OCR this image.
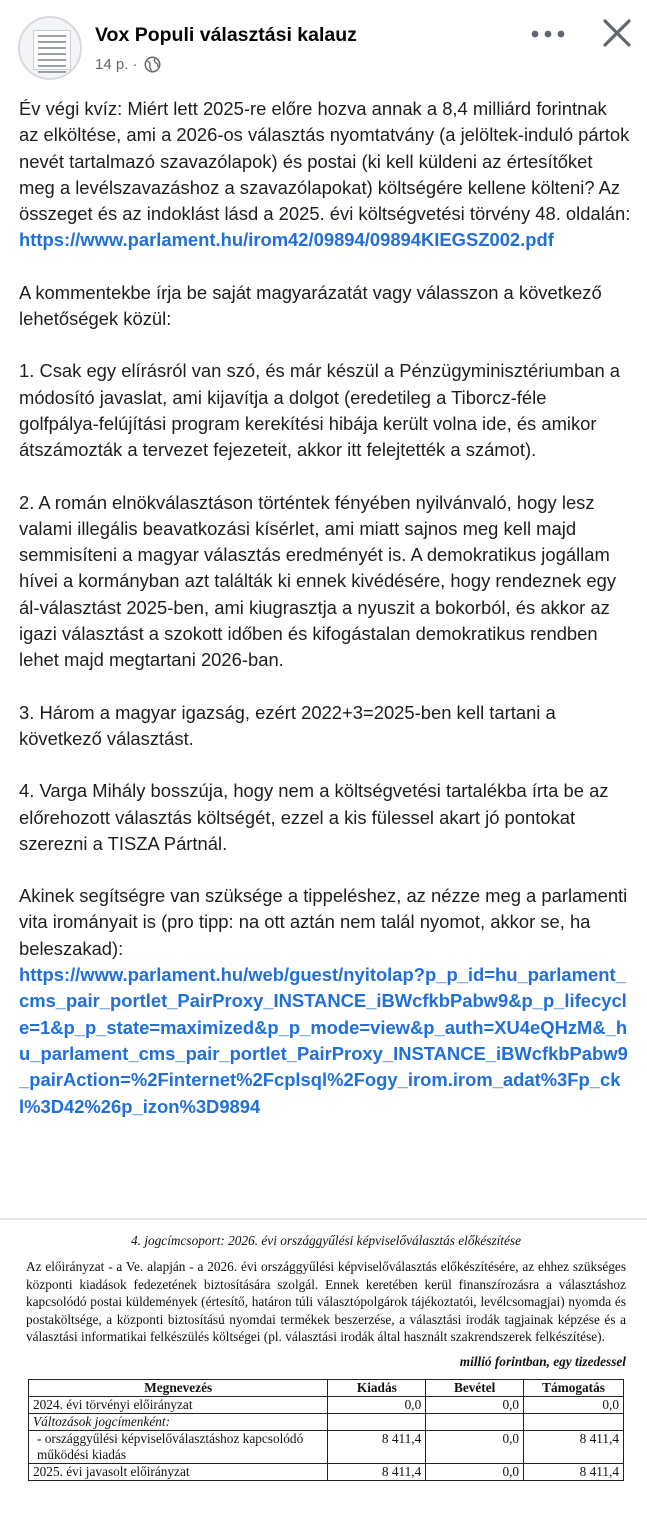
Vox Populi választási kalauz
14 p. ·

Év végi kvíz: Miért lett 2025-re előre hozva annak a 8,4 milliárd forintnak az elköltése, ami a 2026-os választás nyomtatvány (a jelöltek-induló pártok nevét tartalmazó szavazólapok) és postai (ki kell küldeni az értesítőket meg a levélszavazáshoz a szavazólapokat) költségére kellene költeni? Az összeget és az indoklást lásd a 2025. évi költségvetési törvény 48. oldalán:

https://www.parlament.hu/irom42/09894/09894KIEGSZ002.pdf

A kommentekbe írja be saját magyarázatát vagy válasszon a következő lehetőségek közül:

1. Csak egy elírásról van szó, és már készül a Pénzügyminisztériumban a módosító javaslat, ami kijavítja a dolgot (eredetileg a Tiborcz-féle golfpálya-felújítási program kerekítési hibája került volna ide, és amikor átszámozták a tervezet fejezeteit, akkor itt felejtették a számot).

2. A román elnökválasztáson történtek fényében nyilvánvaló, hogy lesz valami illegális beavatkozási kísérlet, ami miatt sajnos meg kell majd semmisíteni a magyar választás eredményét is. A demokratikus jogállam hívei a kormányban azt találták ki ennek kivédésére, hogy rendeznek egy ál-választást 2025-ben, ami kiugrasztja a nyuszit a bokorból, és akkor az igazi választást a szokott időben és kifogástalan demokratikus rendben lehet majd megtartani 2026-ban.

3. Három a magyar igazság, ezért 2022+3=2025-ben kell tartani a következő választást.

4. Varga Mihály bosszúja, hogy nem a költségvetési tartalékba írta be az előrehozott választás költségét, ezzel a kis fülessel akart jó pontokat szerezni a TISZA Pártnál.

Akinek segítségre van szüksége a tippeléshez, az nézze meg a parlamenti vita irományait is (pro tipp: na ott aztán nem talál nyomot, akkor se, ha beleszakad):

https://www.parlament.hu/web/guest/nyitolap?p_p_id=hu_parlament_cms_pair_portlet_PairProxy_INSTANCE_iBWcfkbPabw9&p_p_lifecycle=1&p_p_state=maximized&p_p_mode=view&p_auth=XU4eQHzM&_hu_parlament_cms_pair_portlet_PairProxy_INSTANCE_iBWcfkbPabw9_pairAction=%2Finternet%2Fcplsql%2Fogy_irom.irom_adat%3Fp_ckl%3D42%26p_izon%3D9894

4. jogcímcsoport: 2026. évi országgyűlési képviselőválasztás előkészítése

Az előirányzat - a Ve. alapján - a 2026. évi országgyűlési képviselőválasztás előkészítésére, az ehhez szükséges központi kiadások fedezetének biztosítására szolgál. Ennek keretében kerül finanszírozásra a választáshoz kapcsolódó postai küldemények (értesítő, határon túli választópolgárok tájékoztatói, levélcsomagjai) nyomda és postaköltsége, a központi biztosítású nyomdai termékek beszerzése, a választási irodák tagjainak képzése és a választási informatikai felkészülés költségei (pl. választási irodák által használt szakrendszerek felkészítése).

millió forintban, egy tizedessel

Megnevezés	Kiadás	Bevétel	Támogatás
2024. évi törvényi előirányzat	0,0	0,0	0,0
Változások jogcímenként:			
- országgyűlési képviselőválasztáshoz kapcsolódó működési kiadás	8 411,4	0,0	8 411,4
2025. évi javasolt előirányzat	8 411,4	0,0	8 411,4
